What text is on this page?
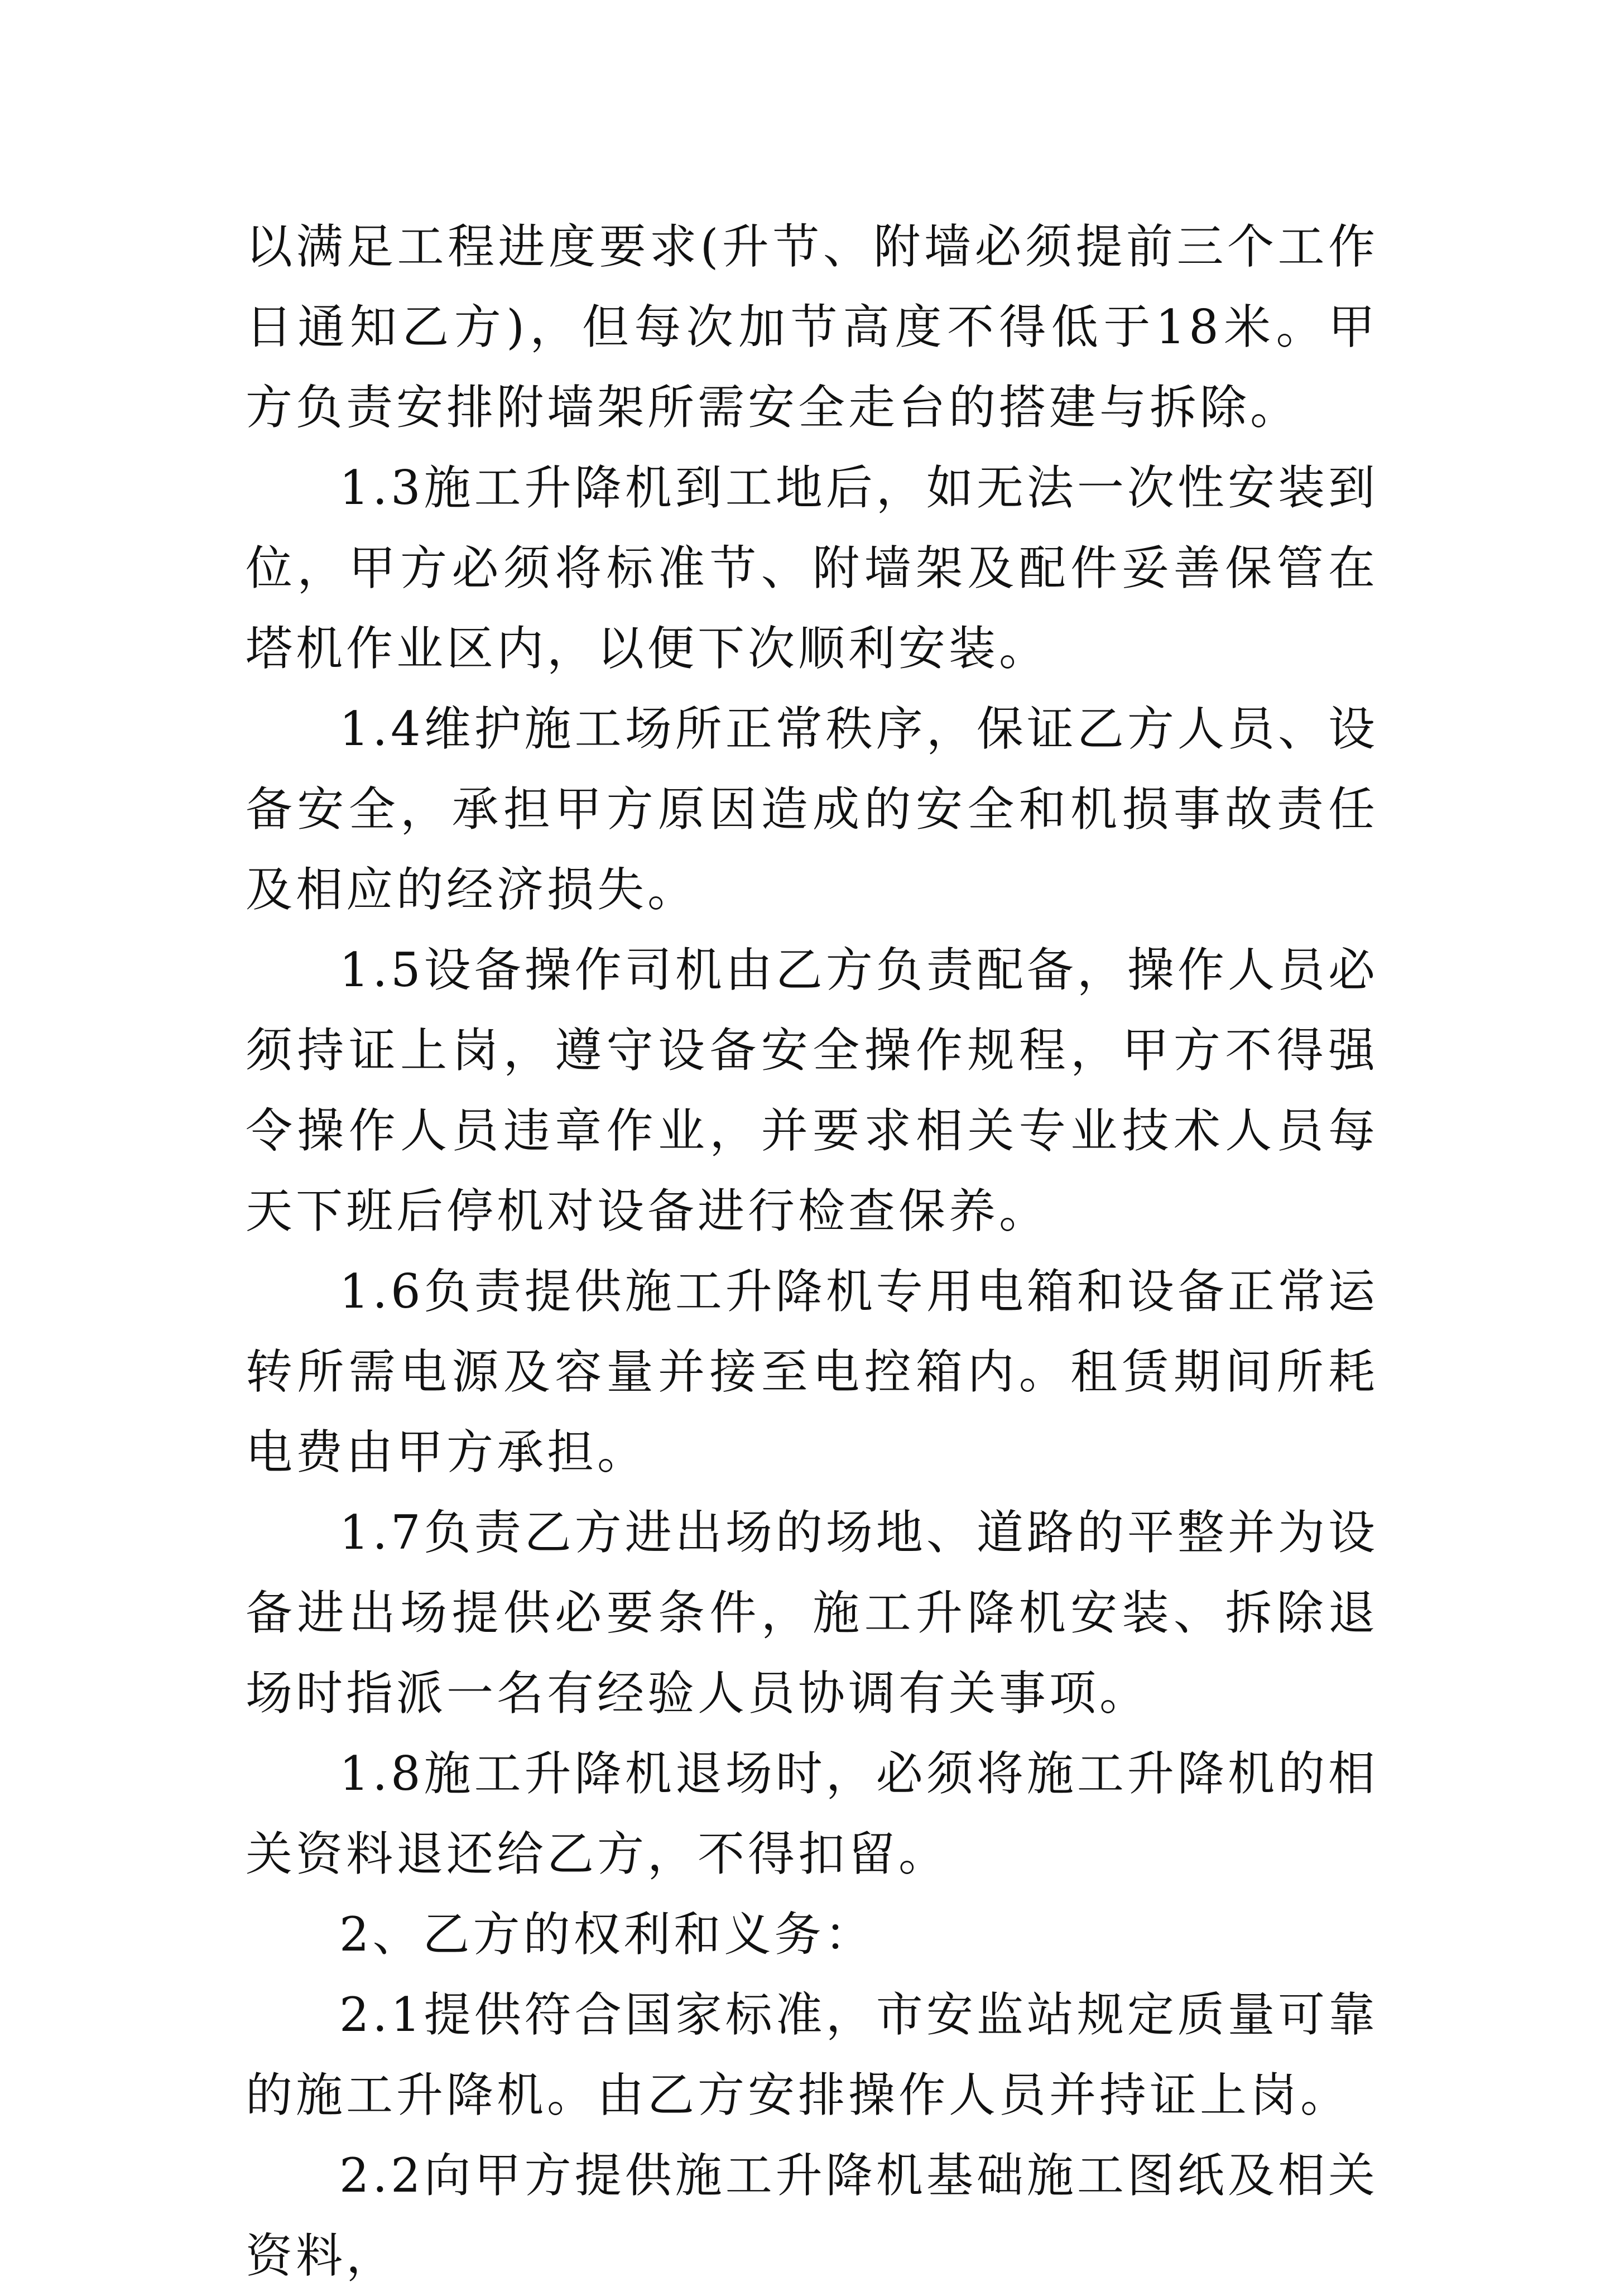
以满足工程进度要求(升节、附墙必须提前三个工作日通知乙方)，但每次加节高度不得低于18米。甲方负责安排附墙架所需安全走台的搭建与拆除。

1.3施工升降机到工地后，如无法一次性安装到位，甲方必须将标准节、附墙架及配件妥善保管在塔机作业区内，以便下次顺利安装。

1.4维护施工场所正常秩序，保证乙方人员、设备安全，承担甲方原因造成的安全和机损事故责任及相应的经济损失。

1.5设备操作司机由乙方负责配备，操作人员必须持证上岗，遵守设备安全操作规程，甲方不得强令操作人员违章作业，并要求相关专业技术人员每天下班后停机对设备进行检查保养。

1.6负责提供施工升降机专用电箱和设备正常运转所需电源及容量并接至电控箱内。租赁期间所耗电费由甲方承担。

1.7负责乙方进出场的场地、道路的平整并为设备进出场提供必要条件，施工升降机安装、拆除退场时指派一名有经验人员协调有关事项。

1.8施工升降机退场时，必须将施工升降机的相关资料退还给乙方，不得扣留。

2、乙方的权利和义务：

2.1提供符合国家标准，市安监站规定质量可靠的施工升降机。由乙方安排操作人员并持证上岗。

2.2向甲方提供施工升降机基础施工图纸及相关资料，
